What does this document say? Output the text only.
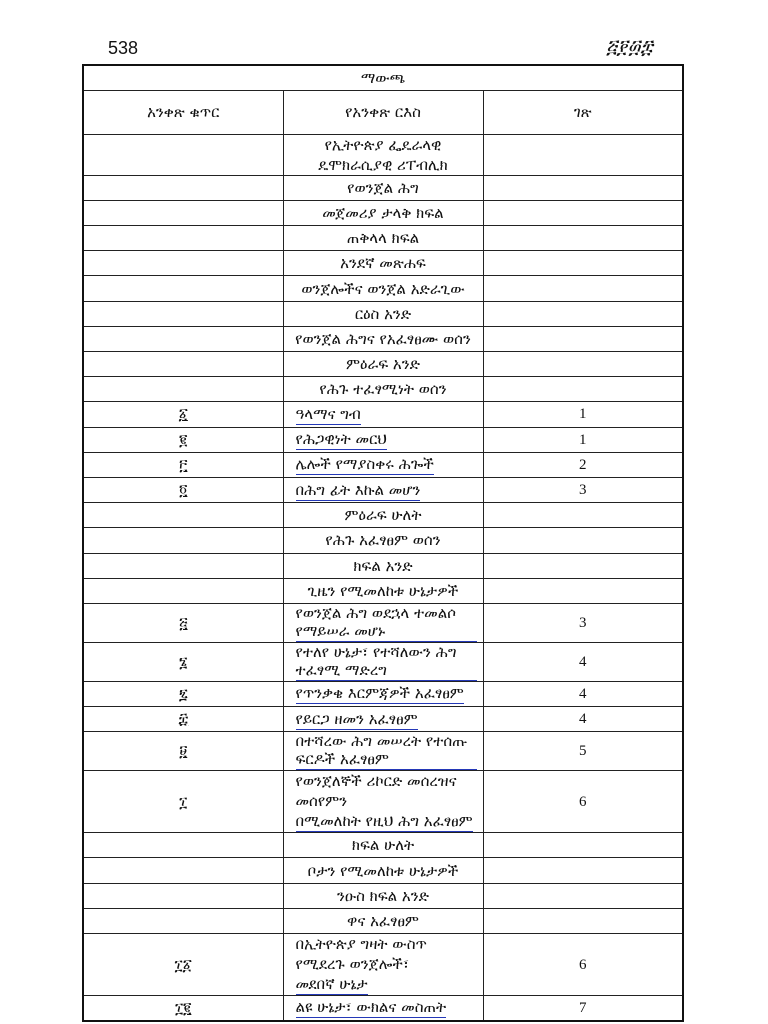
538	፭፻፴፰
ማውጫ		
አንቀጽ ቁጥር	የአንቀጽ ርእስ	ገጽ
	የኢትዮጵያ ፌዴራላዊ ዴሞክራሲያዊ ሪፐብሊክ	
	የወንጀል ሕግ	
	መጀመሪያ ታላቅ ክፍል	
	ጠቅላላ ክፍል	
	አንደኛ መጽሐፍ	
	ወንጀሎችና ወንጀል አድራጊው	
	ርዕስ አንድ	
	የወንጀል ሕግና የአፈፃፀሙ ወሰን	
	ምዕራፍ አንድ	
	የሕጉ ተፈፃሚነት ወሰን	
፩	ዓላማና ግብ	1
፪	የሕጋዊነት መርህ	1
፫	ሌሎች የማያስቀሩ ሕጐች	2
፬	በሕግ ፊት እኩል መሆን	3
	ምዕራፍ ሁለት	
	የሕጉ አፈፃፀም ወሰን	
	ክፍል አንድ	
	ጊዜን የሚመለከቱ ሁኔታዎች	
፭	የወንጀል ሕግ ወደኋላ ተመልሶ የማይሠራ መሆኑ	3
፮	የተለየ ሁኔታ፣ የተሻለውን ሕግ ተፈፃሚ ማድረግ	4
፯	የጥንቃቄ እርምጃዎች አፈፃፀም	4
፰	የይርጋ ዘመን አፈፃፀም	4
፱	በተሻረው ሕግ መሠረት የተሰጡ ፍርዶች አፈፃፀም	5
፲	የወንጀለኞች ሪኮርድ መሰረዝና መሰየምን
በሚመለከት የዚህ ሕግ አፈፃፀም	6
	ክፍል ሁለት	
	ቦታን የሚመለከቱ ሁኔታዎች	
	ንዑስ ክፍል አንድ	
	ዋና አፈፃፀም	
፲፩	በኢትዮጵያ ግዛት ውስጥ የሚደረጉ ወንጀሎች፣
መደበኛ ሁኔታ	6
፲፪	ልዩ ሁኔታ፣ ውክልና መስጠት	7
